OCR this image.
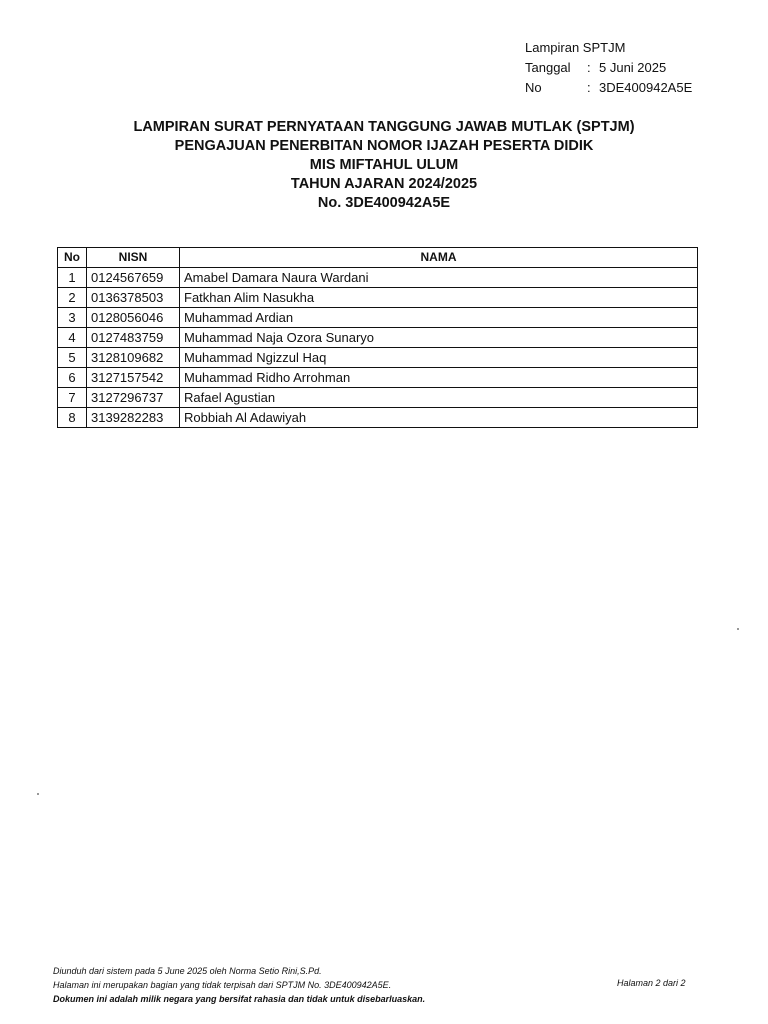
Lampiran SPTJM
Tanggal	: 5 Juni 2025
No	: 3DE400942A5E
LAMPIRAN SURAT PERNYATAAN TANGGUNG JAWAB MUTLAK (SPTJM)
PENGAJUAN PENERBITAN NOMOR IJAZAH PESERTA DIDIK
MIS MIFTAHUL ULUM
TAHUN AJARAN 2024/2025
No. 3DE400942A5E
No	NISN	NAMA
1	0124567659	Amabel Damara Naura Wardani
2	0136378503	Fatkhan Alim Nasukha
3	0128056046	Muhammad Ardian
4	0127483759	Muhammad Naja Ozora Sunaryo
5	3128109682	Muhammad Ngizzul Haq
6	3127157542	Muhammad Ridho Arrohman
7	3127296737	Rafael Agustian
8	3139282283	Robbiah Al Adawiyah
Diunduh dari sistem pada 5 June 2025 oleh Norma Setio Rini,S.Pd.
Halaman ini merupakan bagian yang tidak terpisah dari SPTJM No. 3DE400942A5E.
Dokumen ini adalah milik negara yang bersifat rahasia dan tidak untuk disebarluaskan.
Halaman 2 dari 2
